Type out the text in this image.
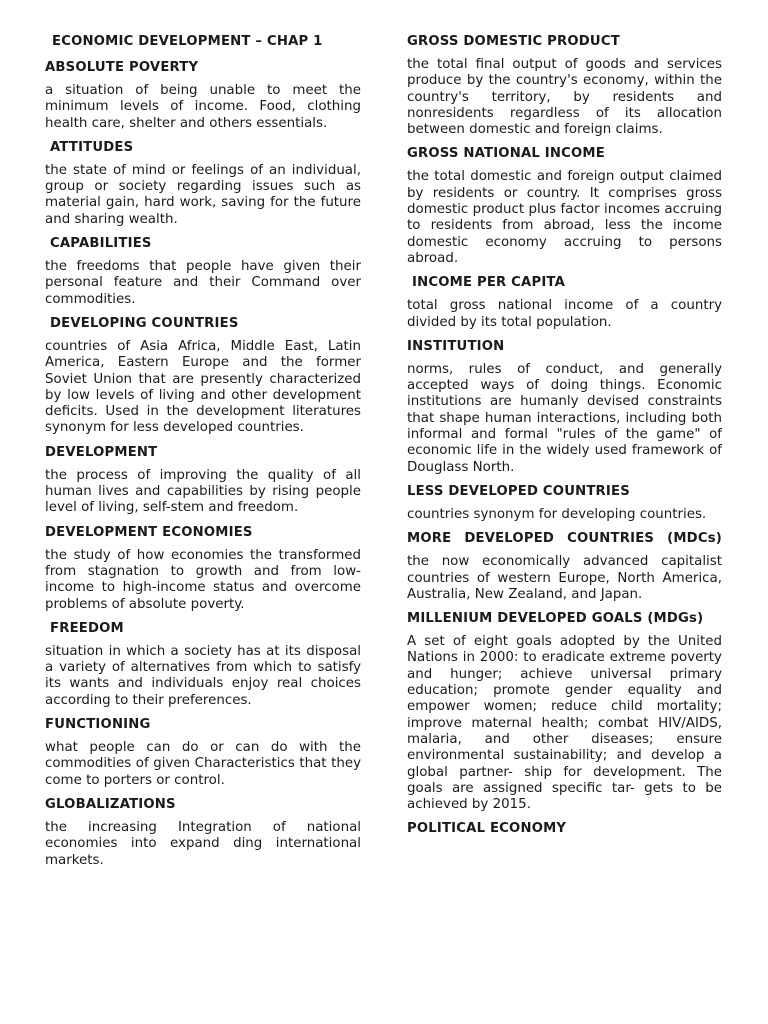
ECONOMIC DEVELOPMENT – CHAP 1
ABSOLUTE POVERTY
a situation of being unable to meet the minimum levels of income. Food, clothing health care, shelter and others essentials.
ATTITUDES
the state of mind or feelings of an individual, group or society regarding issues such as material gain, hard work, saving for the future and sharing wealth.
CAPABILITIES
the freedoms that people have given their personal feature and their Command over commodities.
DEVELOPING COUNTRIES
countries of Asia Africa, Middle East, Latin America, Eastern Europe and the former Soviet Union that are presently characterized by low levels of living and other development deficits. Used in the development literatures synonym for less developed countries.
DEVELOPMENT
the process of improving the quality of all human lives and capabilities by rising people level of living, self-stem and freedom.
DEVELOPMENT ECONOMIES
the study of how economies the transformed from stagnation to growth and from low-income to high-income status and overcome problems of absolute poverty.
FREEDOM
situation in which a society has at its disposal a variety of alternatives from which to satisfy its wants and individuals enjoy real choices according to their preferences.
FUNCTIONING
what people can do or can do with the commodities of given Characteristics that they come to porters or control.
GLOBALIZATIONS
the increasing Integration of national economies into expand ding international markets.
GROSS DOMESTIC PRODUCT
the total final output of goods and services produce by the country's economy, within the country's territory, by residents and nonresidents regardless of its allocation between domestic and foreign claims.
GROSS NATIONAL INCOME
the total domestic and foreign output claimed by residents or country. It comprises gross domestic product plus factor incomes accruing to residents from abroad, less the income domestic economy accruing to persons abroad.
INCOME PER CAPITA
total gross national income of a country divided by its total population.
INSTITUTION
norms, rules of conduct, and generally accepted ways of doing things. Economic institutions are humanly devised constraints that shape human interactions, including both informal and formal "rules of the game" of economic life in the widely used framework of Douglass North.
LESS DEVELOPED COUNTRIES
countries synonym for developing countries.
MORE DEVELOPED COUNTRIES (MDCs)
the now economically advanced capitalist countries of western Europe, North America, Australia, New Zealand, and Japan.
MILLENIUM DEVELOPED GOALS (MDGs)
A set of eight goals adopted by the United Nations in 2000: to eradicate extreme poverty and hunger; achieve universal primary education; promote gender equality and empower women; reduce child mortality; improve maternal health; combat HIV/AIDS, malaria, and other diseases; ensure environmental sustainability; and develop a global partner- ship for development. The goals are assigned specific tar- gets to be achieved by 2015.
POLITICAL ECONOMY
